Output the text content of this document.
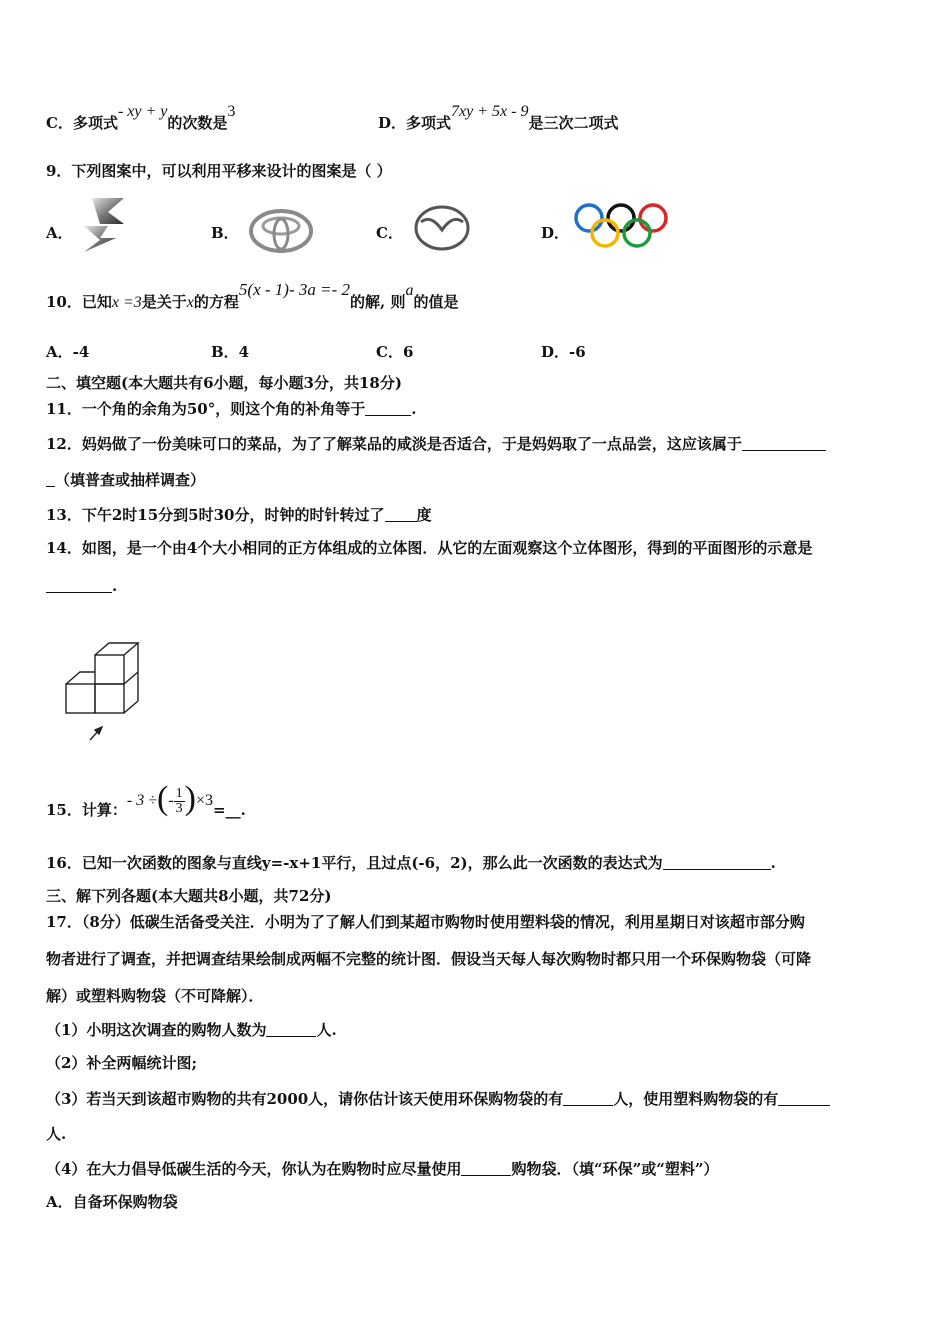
C．多项式- xy + y的次数是3
D．多项式7xy + 5x - 9是三次二项式
9．下列图案中，可以利用平移来设计的图案是（ ）
A．	B．	C．	D．
10．已知x =3是关于x的方程5(x - 1)- 3a =- 2的解, 则a的值是
A．-4	B．4	C．6	D．-6
二、填空题(本大题共有6小题，每小题3分，共18分)
11．一个角的余角为50°，则这个角的补角等于	.
12．妈妈做了一份美味可口的菜品，为了了解菜品的咸淡是否适合，于是妈妈取了一点品尝，这应该属于
（填普查或抽样调查）
13．下午2时15分到5时30分，时钟的时针转过了 度
14．如图，是一个由4个大小相同的正方体组成的立体图．从它的左面观察这个立体图形，得到的平面图形的示意是
.
15．计算：- 3 ÷(- $\frac{1}{3}$ )×3=__.
16．已知一次函数的图象与直线y=-x+1平行，且过点(-6，2)，那么此一次函数的表达式为	.
三、解下列各题(本大题共8小题，共72分)
17．（8分）低碳生活备受关注．小明为了了解人们到某超市购物时使用塑料袋的情况，利用星期日对该超市部分购
物者进行了调查，并把调查结果绘制成两幅不完整的统计图．假设当天每人每次购物时都只用一个环保购物袋（可降
解）或塑料购物袋（不可降解）．
（1）小明这次调查的购物人数为	人.
（2）补全两幅统计图;
（3）若当天到该超市购物的共有2000人，请你估计该天使用环保购物袋的有	人，使用塑料购物袋的有
人.
（4）在大力倡导低碳生活的今天，你认为在购物时应尽量使用	购物袋．（填“环保”或“塑料”）
A．自备环保购物袋
